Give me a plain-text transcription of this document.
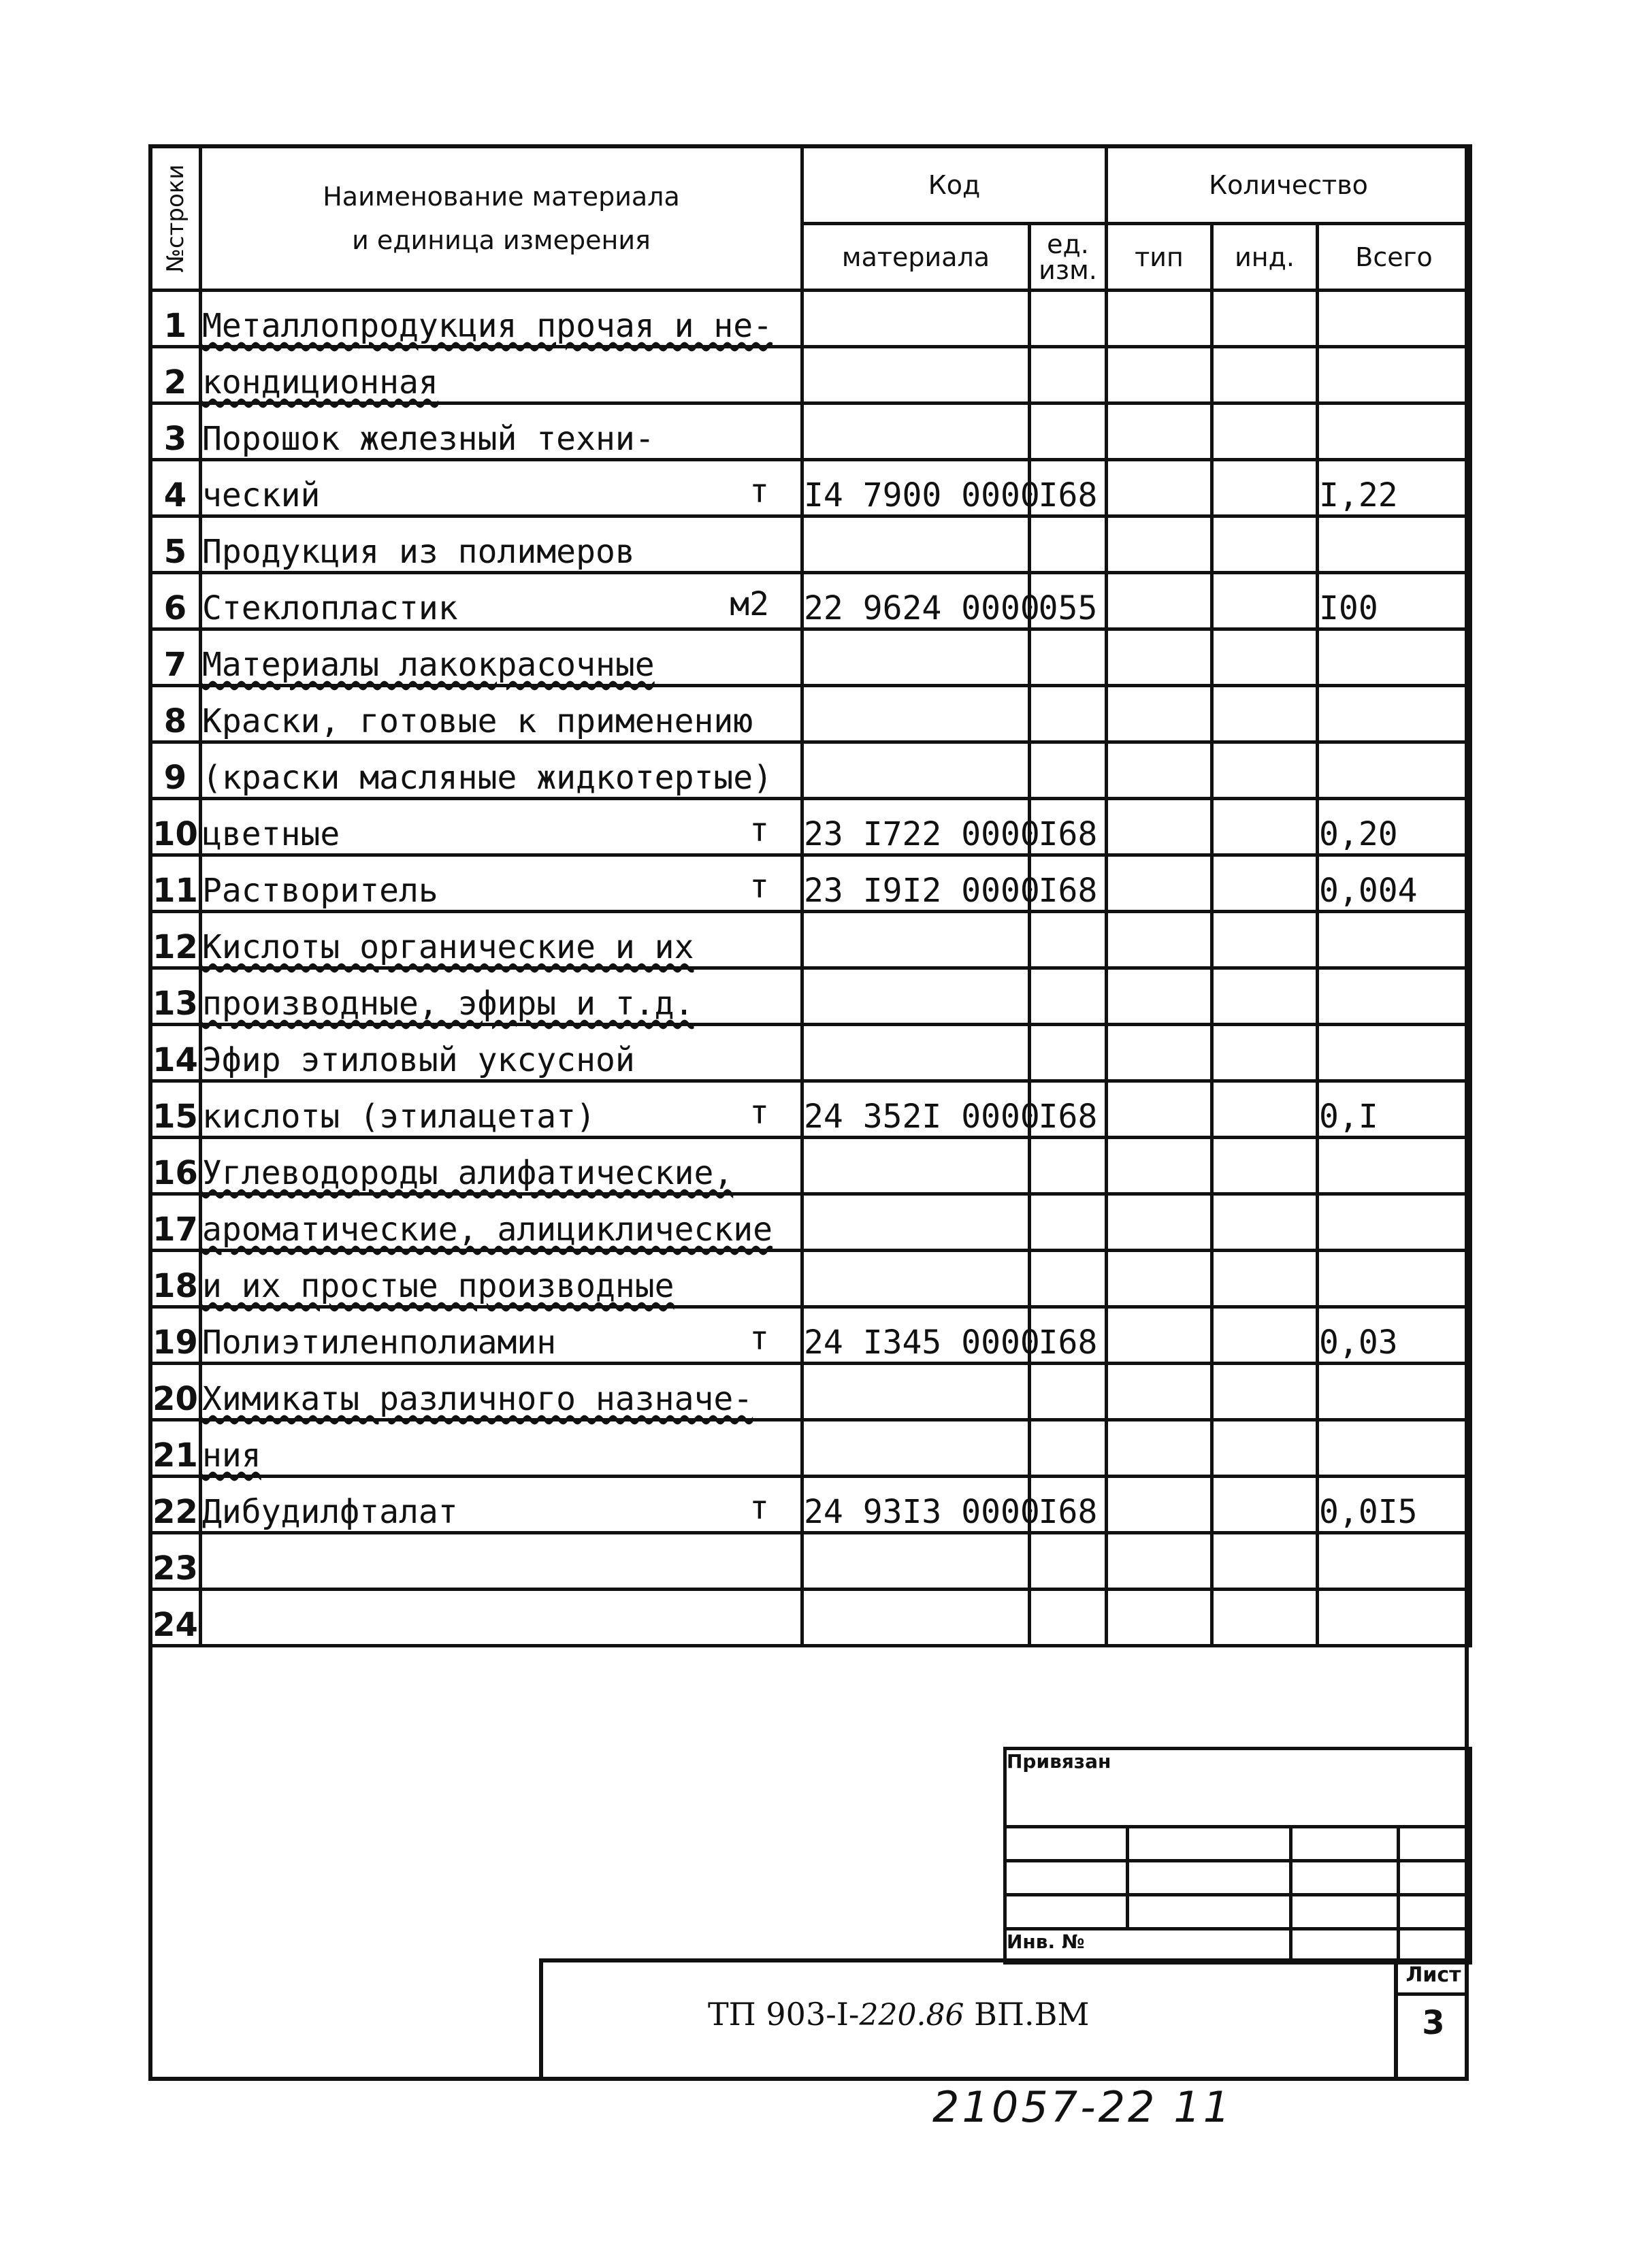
№строки	Наименование материала
и единица измерения	Код		Количество		
		материала	ед. изм.	тип	инд.	Всего
1	Металлопродукция прочая и не-

2	кондиционная

3	Порошок железный техни-

4	ческий т	I4 7900 0000	I68			I,22
5	Продукция из полимеров

6	Стеклопластик м2	22 9624 0000	055			I00
7	Материалы лакокрасочные

8	Краски, готовые к применению

9	(краски масляные жидкотертые)

10	цветные т	23 I722 0000	I68			0,20
11	Растворитель т	23 I9I2 0000	I68			0,004
12	Кислоты органические и их

13	производные, эфиры и т.д.

14	Эфир этиловый уксусной

15	кислоты (этилацетат) т	24 352I 0000	I68			0,I
16	Углеводороды алифатические,

17	ароматические, алициклические

18	и их простые производные

19	Полиэтиленполиамин т	24 I345 0000	I68			0,03
20	Химикаты различного назначе-

21	ния

22	Дибудилфталат т	24 93I3 0000	I68			0,0I5
23	

24	

Привязан			

Инв. №			
ТП 903-I-220.86 ВП.ВМ
Лист
3
21057-22 11
